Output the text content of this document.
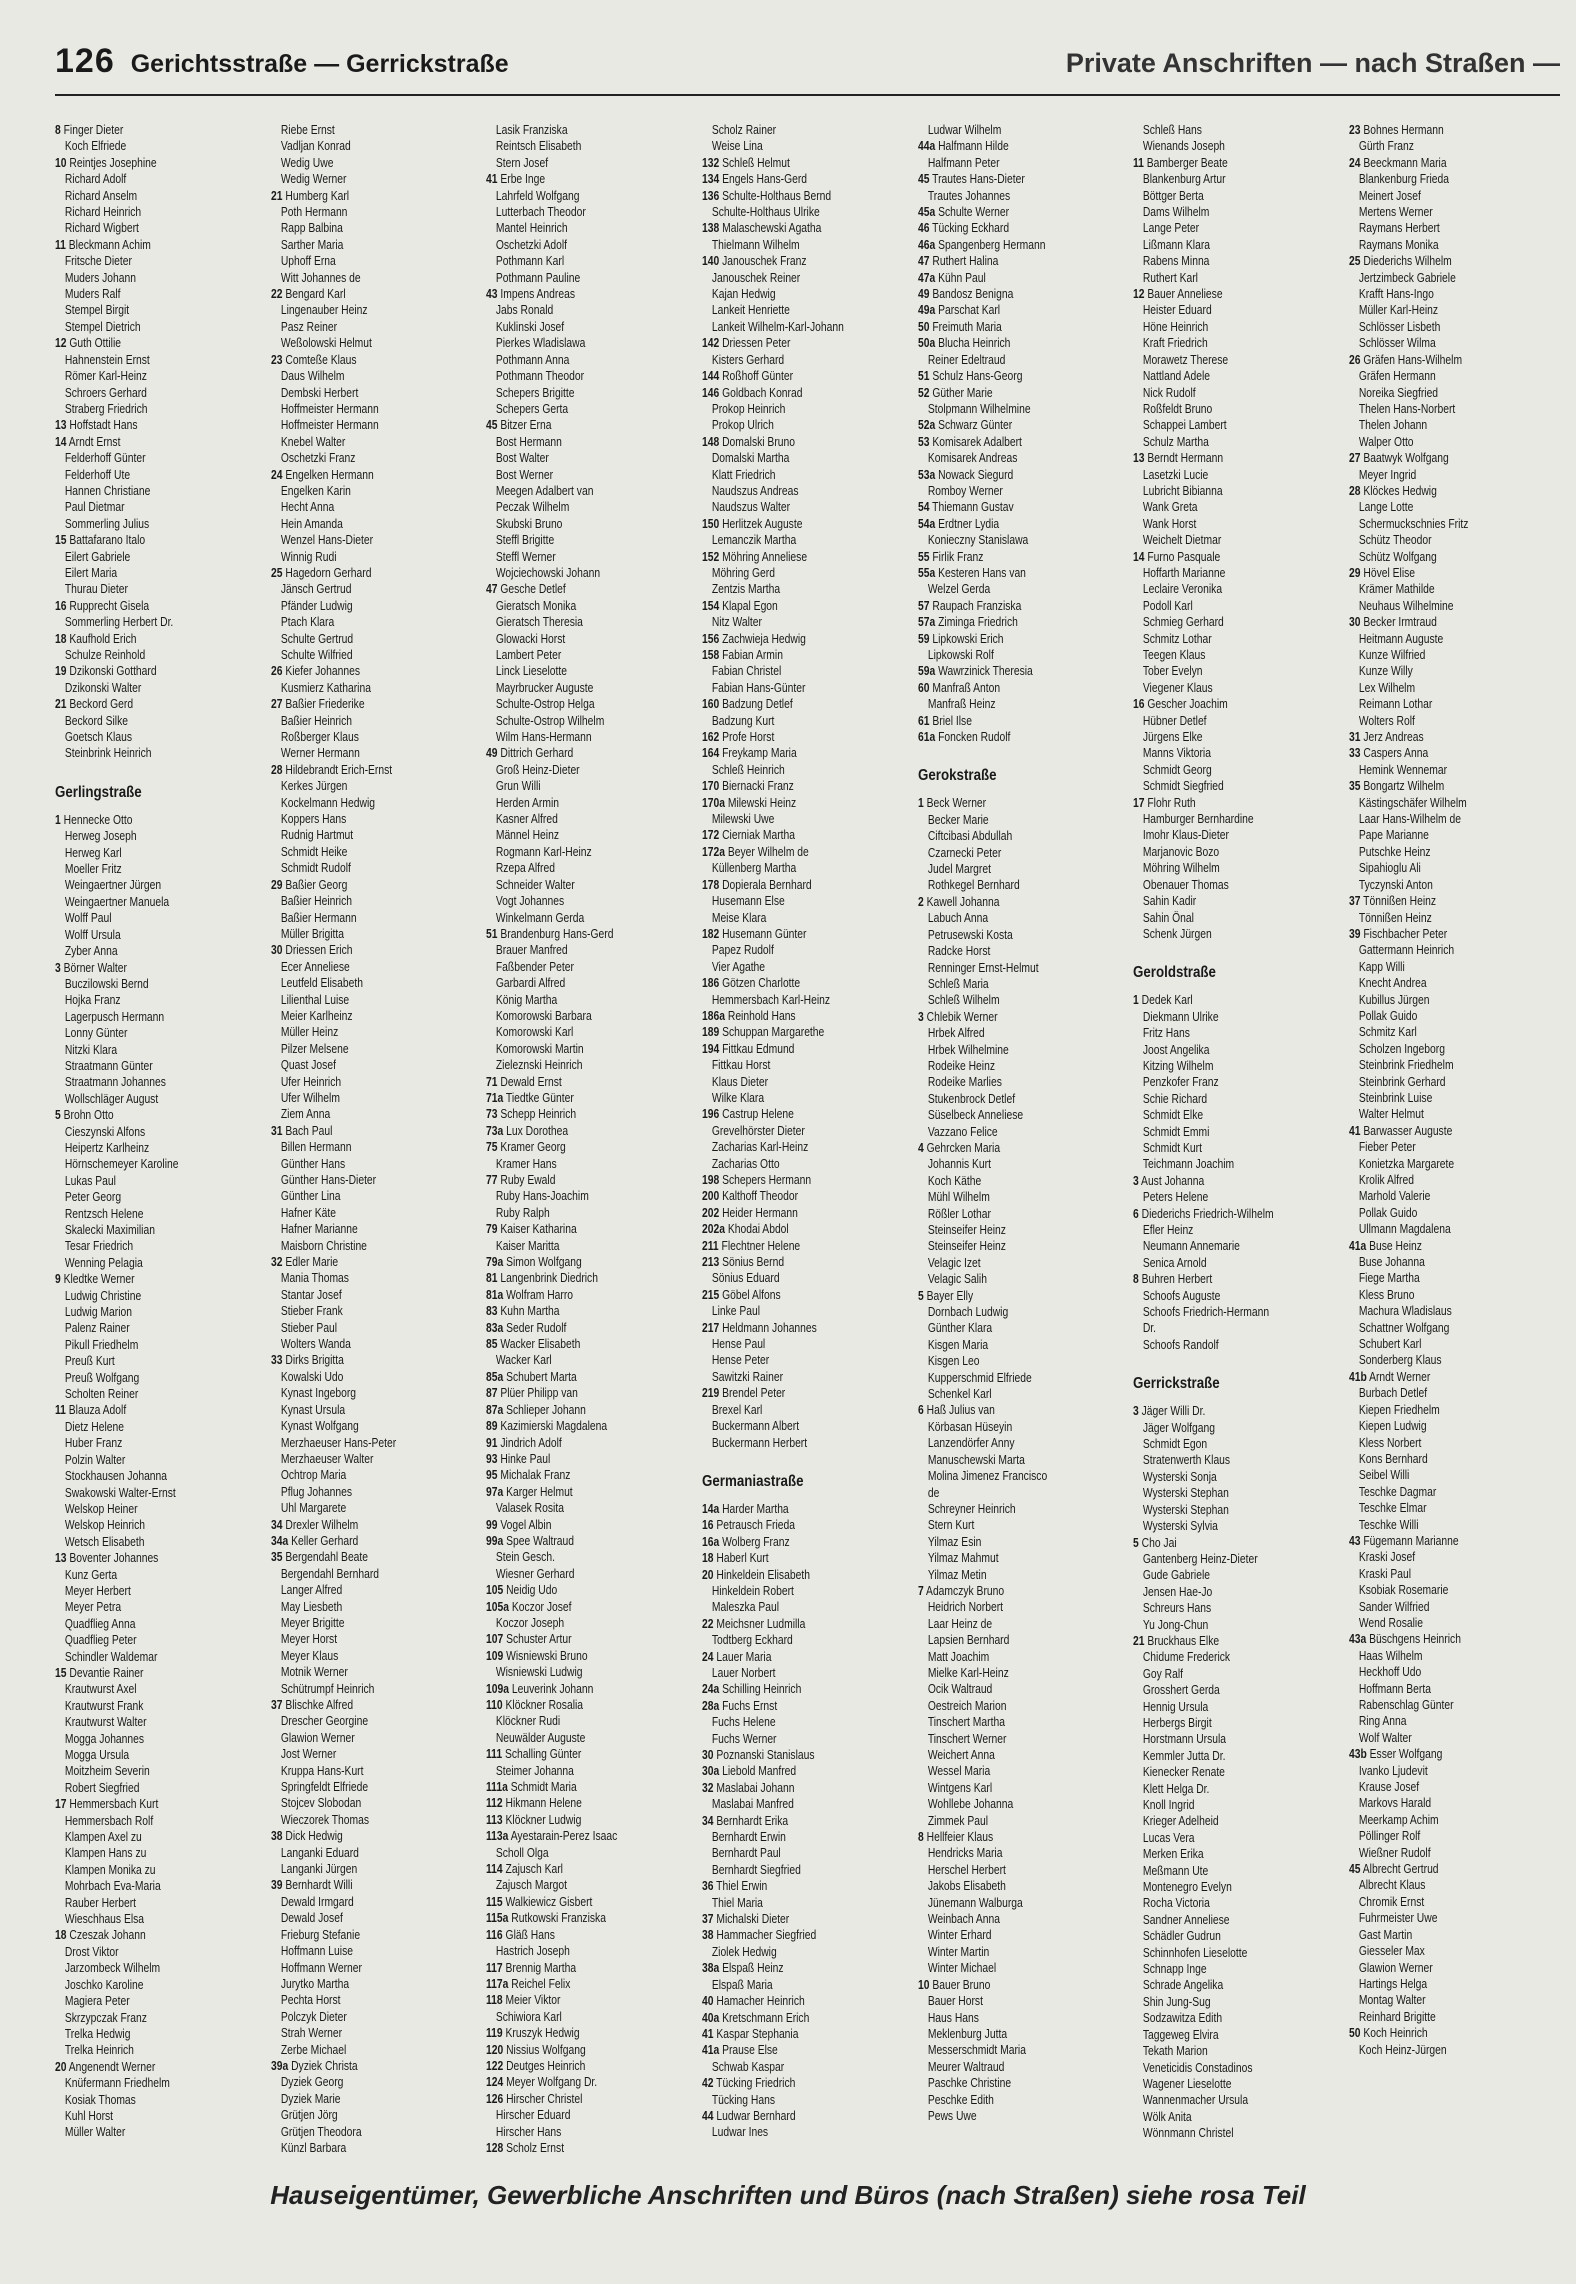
126 Gerichtsstraße — Gerrickstraße	Private Anschriften — nach Straßen —
8 Finger Dieter
Koch Elfriede
10 Reintjes Josephine
Richard Adolf
Richard Anselm
Richard Heinrich
Richard Wigbert
11 Bleckmann Achim
Fritsche Dieter
Muders Johann
Muders Ralf
Stempel Birgit
Stempel Dietrich
12 Guth Ottilie
Hahnenstein Ernst
Römer Karl-Heinz
Schroers Gerhard
Straberg Friedrich
13 Hoffstadt Hans
14 Arndt Ernst
Felderhoff Günter
Felderhoff Ute
Hannen Christiane
Paul Dietmar
Sommerling Julius
15 Battafarano Italo
Eilert Gabriele
Eilert Maria
Thurau Dieter
16 Rupprecht Gisela
Sommerling Herbert Dr.
18 Kaufhold Erich
Schulze Reinhold
19 Dzikonski Gotthard
Dzikonski Walter
21 Beckord Gerd
Beckord Silke
Goetsch Klaus
Steinbrink Heinrich
Gerlingstraße
1 Hennecke Otto
Herweg Joseph
Herweg Karl
Moeller Fritz
Weingaertner Jürgen
Weingaertner Manuela
Wolff Paul
Wolff Ursula
Zyber Anna
3 Börner Walter
Buczilowski Bernd
Hojka Franz
Lagerpusch Hermann
Lonny Günter
Nitzki Klara
Straatmann Günter
Straatmann Johannes
Wollschläger August
5 Brohn Otto
Cieszynski Alfons
Heipertz Karlheinz
Hörnschemeyer Karoline
Lukas Paul
Peter Georg
Rentzsch Helene
Skalecki Maximilian
Tesar Friedrich
Wenning Pelagia
9 Kledtke Werner
Ludwig Christine
Ludwig Marion
Palenz Rainer
Pikull Friedhelm
Preuß Kurt
Preuß Wolfgang
Scholten Reiner
11 Blauza Adolf
Dietz Helene
Huber Franz
Polzin Walter
Stockhausen Johanna
Swakowski Walter-Ernst
Welskop Heiner
Welskop Heinrich
Wetsch Elisabeth
13 Boventer Johannes
Kunz Gerta
Meyer Herbert
Meyer Petra
Quadflieg Anna
Quadflieg Peter
Schindler Waldemar
15 Devantie Rainer
Krautwurst Axel
Krautwurst Frank
Krautwurst Walter
Mogga Johannes
Mogga Ursula
Moitzheim Severin
Robert Siegfried
17 Hemmersbach Kurt
Hemmersbach Rolf
Klampen Axel zu
Klampen Hans zu
Klampen Monika zu
Mohrbach Eva-Maria
Rauber Herbert
Wieschhaus Elsa
18 Czeszak Johann
Drost Viktor
Jarzombeck Wilhelm
Joschko Karoline
Magiera Peter
Skrzypczak Franz
Trelka Hedwig
Trelka Heinrich
20 Angenendt Werner
Knüfermann Friedhelm
Kosiak Thomas
Kuhl Horst
Müller Walter
Riebe Ernst
Vadljan Konrad
Wedig Uwe
Wedig Werner
21 Humberg Karl
Poth Hermann
Rapp Balbina
Sarther Maria
Uphoff Erna
Witt Johannes de
22 Bengard Karl
Lingenauber Heinz
Pasz Reiner
Weßolowski Helmut
23 Comteße Klaus
Daus Wilhelm
Dembski Herbert
Hoffmeister Hermann
Hoffmeister Hermann
Knebel Walter
Oschetzki Franz
24 Engelken Hermann
Engelken Karin
Hecht Anna
Hein Amanda
Wenzel Hans-Dieter
Winnig Rudi
25 Hagedorn Gerhard
Jänsch Gertrud
Pfänder Ludwig
Ptach Klara
Schulte Gertrud
Schulte Wilfried
26 Kiefer Johannes
Kusmierz Katharina
27 Baßier Friederike
Baßier Heinrich
Roßberger Klaus
Werner Hermann
28 Hildebrandt Erich-Ernst
Kerkes Jürgen
Kockelmann Hedwig
Koppers Hans
Rudnig Hartmut
Schmidt Heike
Schmidt Rudolf
29 Baßier Georg
Baßier Heinrich
Baßier Hermann
Müller Brigitta
30 Driessen Erich
Ecer Anneliese
Leutfeld Elisabeth
Lilienthal Luise
Meier Karlheinz
Müller Heinz
Pilzer Melsene
Quast Josef
Ufer Heinrich
Ufer Wilhelm
Ziem Anna
31 Bach Paul
Billen Hermann
Günther Hans
Günther Hans-Dieter
Günther Lina
Hafner Käte
Hafner Marianne
Maisborn Christine
32 Edler Marie
Mania Thomas
Stantar Josef
Stieber Frank
Stieber Paul
Wolters Wanda
33 Dirks Brigitta
Kowalski Udo
Kynast Ingeborg
Kynast Ursula
Kynast Wolfgang
Merzhaeuser Hans-Peter
Merzhaeuser Walter
Ochtrop Maria
Pflug Johannes
Uhl Margarete
34 Drexler Wilhelm
34a Keller Gerhard
35 Bergendahl Beate
Bergendahl Bernhard
Langer Alfred
May Liesbeth
Meyer Brigitte
Meyer Horst
Meyer Klaus
Motnik Werner
Schütrumpf Heinrich
37 Blischke Alfred
Drescher Georgine
Glawion Werner
Jost Werner
Kruppa Hans-Kurt
Springfeldt Elfriede
Stojcev Slobodan
Wieczorek Thomas
38 Dick Hedwig
Langanki Eduard
Langanki Jürgen
39 Bernhardt Willi
Dewald Irmgard
Dewald Josef
Frieburg Stefanie
Hoffmann Luise
Hoffmann Werner
Jurytko Martha
Pechta Horst
Polczyk Dieter
Strah Werner
Zerbe Michael
39a Dyziek Christa
Dyziek Georg
Dyziek Marie
Grütjen Jörg
Grütjen Theodora
Künzl Barbara
Lasik Franziska
Reintsch Elisabeth
Stern Josef
41 Erbe Inge
Lahrfeld Wolfgang
Lutterbach Theodor
Mantel Heinrich
Oschetzki Adolf
Pothmann Karl
Pothmann Pauline
43 Impens Andreas
Jabs Ronald
Kuklinski Josef
Pierkes Wladislawa
Pothmann Anna
Pothmann Theodor
Schepers Brigitte
Schepers Gerta
45 Bitzer Erna
Bost Hermann
Bost Walter
Bost Werner
Meegen Adalbert van
Peczak Wilhelm
Skubski Bruno
Steffl Brigitte
Steffl Werner
Wojciechowski Johann
47 Gesche Detlef
Gieratsch Monika
Gieratsch Theresia
Glowacki Horst
Lambert Peter
Linck Lieselotte
Mayrbrucker Auguste
Schulte-Ostrop Helga
Schulte-Ostrop Wilhelm
Wilm Hans-Hermann
49 Dittrich Gerhard
Groß Heinz-Dieter
Grun Willi
Herden Armin
Kasner Alfred
Männel Heinz
Rogmann Karl-Heinz
Rzepa Alfred
Schneider Walter
Vogt Johannes
Winkelmann Gerda
51 Brandenburg Hans-Gerd
Brauer Manfred
Faßbender Peter
Garbardi Alfred
König Martha
Komorowski Barbara
Komorowski Karl
Komorowski Martin
Zieleznski Heinrich
71 Dewald Ernst
71a Tiedtke Günter
73 Schepp Heinrich
73a Lux Dorothea
75 Kramer Georg
Kramer Hans
77 Ruby Ewald
Ruby Hans-Joachim
Ruby Ralph
79 Kaiser Katharina
Kaiser Maritta
79a Simon Wolfgang
81 Langenbrink Diedrich
81a Wolfram Harro
83 Kuhn Martha
83a Seder Rudolf
85 Wacker Elisabeth
Wacker Karl
85a Schubert Marta
87 Plüer Philipp van
87a Schlieper Johann
89 Kazimierski Magdalena
91 Jindrich Adolf
93 Hinke Paul
95 Michalak Franz
97a Karger Helmut
Valasek Rosita
99 Vogel Albin
99a Spee Waltraud
Stein Gesch.
Wiesner Gerhard
105 Neidig Udo
105a Koczor Josef
Koczor Joseph
107 Schuster Artur
109 Wisniewski Bruno
Wisniewski Ludwig
109a Leuverink Johann
110 Klöckner Rosalia
Klöckner Rudi
Neuwälder Auguste
111 Schalling Günter
Steimer Johanna
111a Schmidt Maria
112 Hikmann Helene
113 Klöckner Ludwig
113a Ayestarain-Perez Isaac
Scholl Olga
114 Zajusch Karl
Zajusch Margot
115 Walkiewicz Gisbert
115a Rutkowski Franziska
116 Gläß Hans
Hastrich Joseph
117 Brennig Martha
117a Reichel Felix
118 Meier Viktor
Schiwiora Karl
119 Kruszyk Hedwig
120 Nissius Wolfgang
122 Deutges Heinrich
124 Meyer Wolfgang Dr.
126 Hirscher Christel
Hirscher Eduard
Hirscher Hans
128 Scholz Ernst
Scholz Rainer
Weise Lina
132 Schleß Helmut
134 Engels Hans-Gerd
136 Schulte-Holthaus Bernd
Schulte-Holthaus Ulrike
138 Malaschewski Agatha
Thielmann Wilhelm
140 Janouschek Franz
Janouschek Reiner
Kajan Hedwig
Lankeit Henriette
Lankeit Wilhelm-Karl-Johann
142 Driessen Peter
Kisters Gerhard
144 Roßhoff Günter
146 Goldbach Konrad
Prokop Heinrich
Prokop Ulrich
148 Domalski Bruno
Domalski Martha
Klatt Friedrich
Naudszus Andreas
Naudszus Walter
150 Herlitzek Auguste
Lemanczik Martha
152 Möhring Anneliese
Möhring Gerd
Zentzis Martha
154 Klapal Egon
Nitz Walter
156 Zachwieja Hedwig
158 Fabian Armin
Fabian Christel
Fabian Hans-Günter
160 Badzung Detlef
Badzung Kurt
162 Profe Horst
164 Freykamp Maria
Schleß Heinrich
170 Biernacki Franz
170a Milewski Heinz
Milewski Uwe
172 Cierniak Martha
172a Beyer Wilhelm de
Küllenberg Martha
178 Dopierala Bernhard
Husemann Else
Meise Klara
182 Husemann Günter
Papez Rudolf
Vier Agathe
186 Götzen Charlotte
Hemmersbach Karl-Heinz
186a Reinhold Hans
189 Schuppan Margarethe
194 Fittkau Edmund
Fittkau Horst
Klaus Dieter
Wilke Klara
196 Castrup Helene
Grevelhörster Dieter
Zacharias Karl-Heinz
Zacharias Otto
198 Schepers Hermann
200 Kalthoff Theodor
202 Heider Hermann
202a Khodai Abdol
211 Flechtner Helene
213 Sönius Bernd
Sönius Eduard
215 Göbel Alfons
Linke Paul
217 Heldmann Johannes
Hense Paul
Hense Peter
Sawitzki Rainer
219 Brendel Peter
Brexel Karl
Buckermann Albert
Buckermann Herbert
Germaniastraße
14a Harder Martha
16 Petrausch Frieda
16a Wolberg Franz
18 Haberl Kurt
20 Hinkeldein Elisabeth
Hinkeldein Robert
Maleszka Paul
22 Meichsner Ludmilla
Todtberg Eckhard
24 Lauer Maria
Lauer Norbert
24a Schilling Heinrich
28a Fuchs Ernst
Fuchs Helene
Fuchs Werner
30 Poznanski Stanislaus
30a Liebold Manfred
32 Maslabai Johann
Maslabai Manfred
34 Bernhardt Erika
Bernhardt Erwin
Bernhardt Paul
Bernhardt Siegfried
36 Thiel Erwin
Thiel Maria
37 Michalski Dieter
38 Hammacher Siegfried
Ziolek Hedwig
38a Elspaß Heinz
Elspaß Maria
40 Hamacher Heinrich
40a Kretschmann Erich
41 Kaspar Stephania
41a Prause Else
Schwab Kaspar
42 Tücking Friedrich
Tücking Hans
44 Ludwar Bernhard
Ludwar Ines
Ludwar Wilhelm
44a Halfmann Hilde
Halfmann Peter
45 Trautes Hans-Dieter
Trautes Johannes
45a Schulte Werner
46 Tücking Eckhard
46a Spangenberg Hermann
47 Ruthert Halina
47a Kühn Paul
49 Bandosz Benigna
49a Parschat Karl
50 Freimuth Maria
50a Blucha Heinrich
Reiner Edeltraud
51 Schulz Hans-Georg
52 Güther Marie
Stolpmann Wilhelmine
52a Schwarz Günter
53 Komisarek Adalbert
Komisarek Andreas
53a Nowack Siegurd
Romboy Werner
54 Thiemann Gustav
54a Erdtner Lydia
Konieczny Stanislawa
55 Firlik Franz
55a Kesteren Hans van
Welzel Gerda
57 Raupach Franziska
57a Ziminga Friedrich
59 Lipkowski Erich
Lipkowski Rolf
59a Wawrzinick Theresia
60 Manfraß Anton
Manfraß Heinz
61 Briel Ilse
61a Foncken Rudolf
Gerokstraße
1 Beck Werner
Becker Marie
Ciftcibasi Abdullah
Czarnecki Peter
Judel Margret
Rothkegel Bernhard
2 Kawell Johanna
Labuch Anna
Petrusewski Kosta
Radcke Horst
Renninger Ernst-Helmut
Schleß Maria
Schleß Wilhelm
3 Chlebik Werner
Hrbek Alfred
Hrbek Wilhelmine
Rodeike Heinz
Rodeike Marlies
Stukenbrock Detlef
Süselbeck Anneliese
Vazzano Felice
4 Gehrcken Maria
Johannis Kurt
Koch Käthe
Mühl Wilhelm
Rößler Lothar
Steinseifer Heinz
Steinseifer Heinz
Velagic Izet
Velagic Salih
5 Bayer Elly
Dornbach Ludwig
Günther Klara
Kisgen Maria
Kisgen Leo
Kupperschmid Elfriede
Schenkel Karl
6 Haß Julius van
Körbasan Hüseyin
Lanzendörfer Anny
Manuschewski Marta
Molina Jimenez Francisco
de
Schreyner Heinrich
Stern Kurt
Yilmaz Esin
Yilmaz Mahmut
Yilmaz Metin
7 Adamczyk Bruno
Heidrich Norbert
Laar Heinz de
Lapsien Bernhard
Matt Joachim
Mielke Karl-Heinz
Ocik Waltraud
Oestreich Marion
Tinschert Martha
Tinschert Werner
Weichert Anna
Wessel Maria
Wintgens Karl
Wohllebe Johanna
Zimmek Paul
8 Hellfeier Klaus
Hendricks Maria
Herschel Herbert
Jakobs Elisabeth
Jünemann Walburga
Weinbach Anna
Winter Erhard
Winter Martin
Winter Michael
10 Bauer Bruno
Bauer Horst
Haus Hans
Meklenburg Jutta
Messerschmidt Maria
Meurer Waltraud
Paschke Christine
Peschke Edith
Pews Uwe
Schleß Hans
Wienands Joseph
11 Bamberger Beate
Blankenburg Artur
Böttger Berta
Dams Wilhelm
Lange Peter
Lißmann Klara
Rabens Minna
Ruthert Karl
12 Bauer Anneliese
Heister Eduard
Höne Heinrich
Kraft Friedrich
Morawetz Therese
Nattland Adele
Nick Rudolf
Roßfeldt Bruno
Schappei Lambert
Schulz Martha
13 Berndt Hermann
Lasetzki Lucie
Lubricht Bibianna
Wank Greta
Wank Horst
Weichelt Dietmar
14 Furno Pasquale
Hoffarth Marianne
Leclaire Veronika
Podoll Karl
Schmieg Gerhard
Schmitz Lothar
Teegen Klaus
Tober Evelyn
Viegener Klaus
16 Gescher Joachim
Hübner Detlef
Jürgens Elke
Manns Viktoria
Schmidt Georg
Schmidt Siegfried
17 Flohr Ruth
Hamburger Bernhardine
Imohr Klaus-Dieter
Marjanovic Bozo
Möhring Wilhelm
Obenauer Thomas
Sahin Kadir
Sahin Önal
Schenk Jürgen
Geroldstraße
1 Dedek Karl
Diekmann Ulrike
Fritz Hans
Joost Angelika
Kitzing Wilhelm
Penzkofer Franz
Schie Richard
Schmidt Elke
Schmidt Emmi
Schmidt Kurt
Teichmann Joachim
3 Aust Johanna
Peters Helene
6 Diederichs Friedrich-Wilhelm
Efler Heinz
Neumann Annemarie
Senica Arnold
8 Buhren Herbert
Schoofs Auguste
Schoofs Friedrich-Hermann
Dr.
Schoofs Randolf
Gerrickstraße
3 Jäger Willi Dr.
Jäger Wolfgang
Schmidt Egon
Stratenwerth Klaus
Wysterski Sonja
Wysterski Stephan
Wysterski Stephan
Wysterski Sylvia
5 Cho Jai
Gantenberg Heinz-Dieter
Gude Gabriele
Jensen Hae-Jo
Schreurs Hans
Yu Jong-Chun
21 Bruckhaus Elke
Chidume Frederick
Goy Ralf
Grosshert Gerda
Hennig Ursula
Herbergs Birgit
Horstmann Ursula
Kemmler Jutta Dr.
Kienecker Renate
Klett Helga Dr.
Knoll Ingrid
Krieger Adelheid
Lucas Vera
Merken Erika
Meßmann Ute
Montenegro Evelyn
Rocha Victoria
Sandner Anneliese
Schädler Gudrun
Schinnhofen Lieselotte
Schnapp Inge
Schrade Angelika
Shin Jung-Sug
Sodzawitza Edith
Taggeweg Elvira
Tekath Marion
Veneticidis Constadinos
Wagener Lieselotte
Wannenmacher Ursula
Wölk Anita
Wönnmann Christel
23 Bohnes Hermann
Gürth Franz
24 Beeckmann Maria
Blankenburg Frieda
Meinert Josef
Mertens Werner
Raymans Herbert
Raymans Monika
25 Diederichs Wilhelm
Jertzimbeck Gabriele
Krafft Hans-Ingo
Müller Karl-Heinz
Schlösser Lisbeth
Schlösser Wilma
26 Gräfen Hans-Wilhelm
Gräfen Hermann
Noreika Siegfried
Thelen Hans-Norbert
Thelen Johann
Walper Otto
27 Baatwyk Wolfgang
Meyer Ingrid
28 Klöckes Hedwig
Lange Lotte
Schermuckschnies Fritz
Schütz Theodor
Schütz Wolfgang
29 Hövel Elise
Krämer Mathilde
Neuhaus Wilhelmine
30 Becker Irmtraud
Heitmann Auguste
Kunze Wilfried
Kunze Willy
Lex Wilhelm
Reimann Lothar
Wolters Rolf
31 Jerz Andreas
33 Caspers Anna
Hemink Wennemar
35 Bongartz Wilhelm
Kästingschäfer Wilhelm
Laar Hans-Wilhelm de
Pape Marianne
Putschke Heinz
Sipahioglu Ali
Tyczynski Anton
37 Tönnißen Heinz
Tönnißen Heinz
39 Fischbacher Peter
Gattermann Heinrich
Kapp Willi
Knecht Andrea
Kubillus Jürgen
Pollak Guido
Schmitz Karl
Scholzen Ingeborg
Steinbrink Friedhelm
Steinbrink Gerhard
Steinbrink Luise
Walter Helmut
41 Barwasser Auguste
Fieber Peter
Konietzka Margarete
Krolik Alfred
Marhold Valerie
Pollak Guido
Ullmann Magdalena
41a Buse Heinz
Buse Johanna
Fiege Martha
Kless Bruno
Machura Wladislaus
Schattner Wolfgang
Schubert Karl
Sonderberg Klaus
41b Arndt Werner
Burbach Detlef
Kiepen Friedhelm
Kiepen Ludwig
Kless Norbert
Kons Bernhard
Seibel Willi
Teschke Dagmar
Teschke Elmar
Teschke Willi
43 Fügemann Marianne
Kraski Josef
Kraski Paul
Ksobiak Rosemarie
Sander Wilfried
Wend Rosalie
43a Büschgens Heinrich
Haas Wilhelm
Heckhoff Udo
Hoffmann Berta
Rabenschlag Günter
Ring Anna
Wolf Walter
43b Esser Wolfgang
Ivanko Ljudevit
Krause Josef
Markovs Harald
Meerkamp Achim
Pöllinger Rolf
Wießner Rudolf
45 Albrecht Gertrud
Albrecht Klaus
Chromik Ernst
Fuhrmeister Uwe
Gast Martin
Giesseler Max
Glawion Werner
Hartings Helga
Montag Walter
Reinhard Brigitte
50 Koch Heinrich
Koch Heinz-Jürgen
Hauseigentümer, Gewerbliche Anschriften und Büros (nach Straßen) siehe rosa Teil
